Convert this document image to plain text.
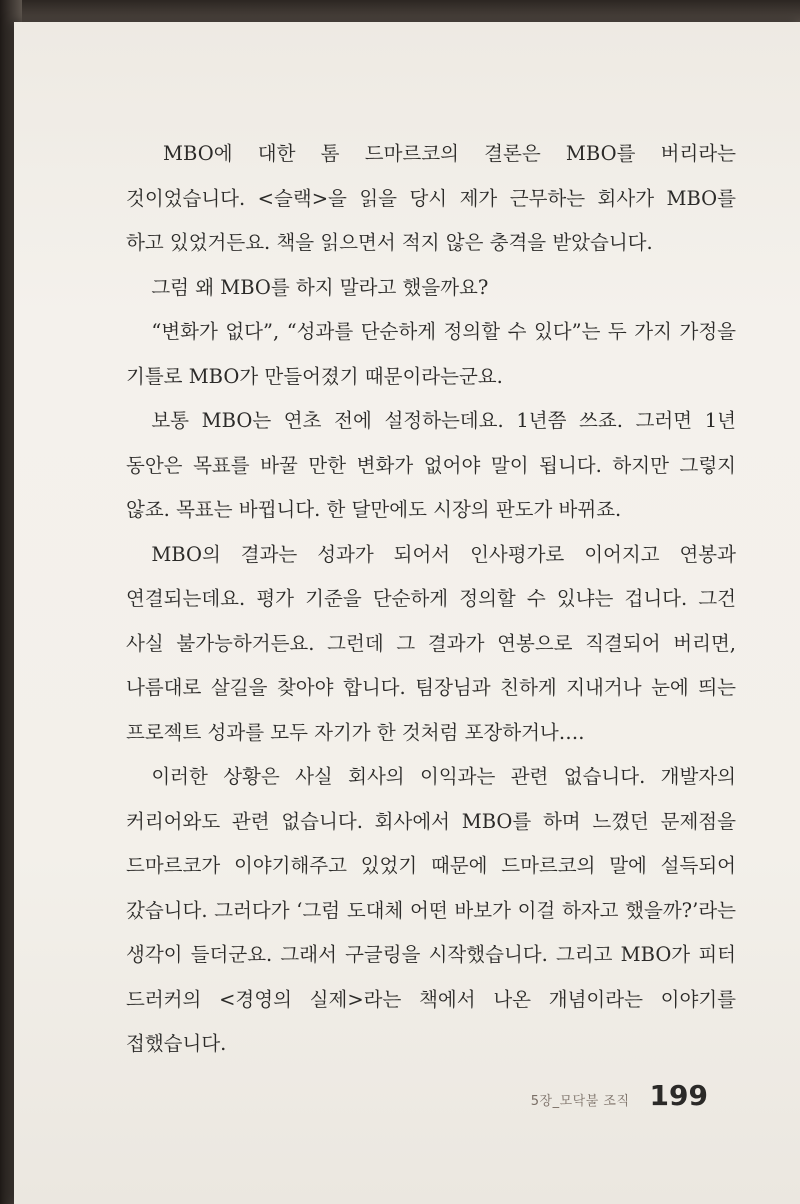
MBO에 대한 톰 드마르코의 결론은 MBO를 버리라는 것이었습니다. <슬랙>을 읽을 당시 제가 근무하는 회사가 MBO를 하고 있었거든요. 책을 읽으면서 적지 않은 충격을 받았습니다.

그럼 왜 MBO를 하지 말라고 했을까요?

“변화가 없다”, “성과를 단순하게 정의할 수 있다”는 두 가지 가정을 기틀로 MBO가 만들어졌기 때문이라는군요.

보통 MBO는 연초 전에 설정하는데요. 1년쯤 쓰죠. 그러면 1년 동안은 목표를 바꿀 만한 변화가 없어야 말이 됩니다. 하지만 그렇지 않죠. 목표는 바뀝니다. 한 달만에도 시장의 판도가 바뀌죠.

MBO의 결과는 성과가 되어서 인사평가로 이어지고 연봉과 연결되는데요. 평가 기준을 단순하게 정의할 수 있냐는 겁니다. 그건 사실 불가능하거든요. 그런데 그 결과가 연봉으로 직결되어 버리면, 나름대로 살길을 찾아야 합니다. 팀장님과 친하게 지내거나 눈에 띄는 프로젝트 성과를 모두 자기가 한 것처럼 포장하거나….

이러한 상황은 사실 회사의 이익과는 관련 없습니다. 개발자의 커리어와도 관련 없습니다. 회사에서 MBO를 하며 느꼈던 문제점을 드마르코가 이야기해주고 있었기 때문에 드마르코의 말에 설득되어 갔습니다. 그러다가 ‘그럼 도대체 어떤 바보가 이걸 하자고 했을까?’라는 생각이 들더군요. 그래서 구글링을 시작했습니다. 그리고 MBO가 피터 드러커의 <경영의 실제>라는 책에서 나온 개념이라는 이야기를 접했습니다.

5장_모닥불 조직 199
